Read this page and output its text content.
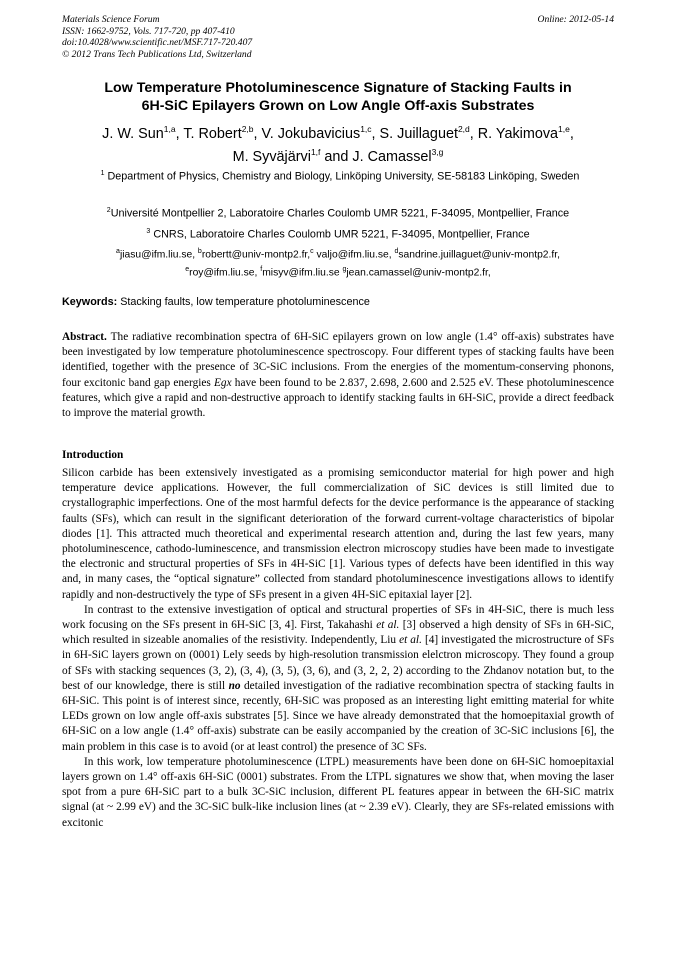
Materials Science Forum
ISSN: 1662-9752, Vols. 717-720, pp 407-410
doi:10.4028/www.scientific.net/MSF.717-720.407
© 2012 Trans Tech Publications Ltd, Switzerland
Online: 2012-05-14
Low Temperature Photoluminescence Signature of Stacking Faults in
6H-SiC Epilayers Grown on Low Angle Off-axis Substrates
J. W. Sun$^{1,a}$, T. Robert$^{2,b}$, V. Jokubavicius$^{1,c}$, S. Juillaguet$^{2,d}$, R. Yakimova$^{1,e}$,
M. Syväjärvi$^{1,f}$ and J. Camassel$^{3,g}$
$^1$ Department of Physics, Chemistry and Biology, Linköping University, SE-58183 Linköping, Sweden
$^2$Université Montpellier 2, Laboratoire Charles Coulomb UMR 5221, F-34095, Montpellier, France
$^3$ CNRS, Laboratoire Charles Coulomb UMR 5221, F-34095, Montpellier, France
$^a$jiasu@ifm.liu.se, $^b$robertt@univ-montp2.fr,$^c$ valjo@ifm.liu.se, $^d$sandrine.juillaguet@univ-montp2.fr,
$^e$roy@ifm.liu.se, $^f$misyv@ifm.liu.se $^g$jean.camassel@univ-montp2.fr,
Keywords: Stacking faults, low temperature photoluminescence
Abstract. The radiative recombination spectra of 6H-SiC epilayers grown on low angle (1.4° off-axis) substrates have been investigated by low temperature photoluminescence spectroscopy. Four different types of stacking faults have been identified, together with the presence of 3C-SiC inclusions. From the energies of the momentum-conserving phonons, four excitonic band gap energies Egx have been found to be 2.837, 2.698, 2.600 and 2.525 eV. These photoluminescence features, which give a rapid and non-destructive approach to identify stacking faults in 6H-SiC, provide a direct feedback to improve the material growth.
Introduction

Silicon carbide has been extensively investigated as a promising semiconductor material for high power and high temperature device applications. However, the full commercialization of SiC devices is still limited due to crystallographic imperfections. One of the most harmful defects for the device performance is the appearance of stacking faults (SFs), which can result in the significant deterioration of the forward current-voltage characteristics of bipolar diodes [1]. This attracted much theoretical and experimental research attention and, during the last few years, many photoluminescence, cathodo-luminescence, and transmission electron microscopy studies have been made to investigate the electronic and structural properties of SFs in 4H-SiC [1]. Various types of defects have been identified in this way and, in many cases, the “optical signature” collected from standard photoluminescence investigations allows to identify rapidly and non-destructively the type of SFs present in a given 4H-SiC epitaxial layer [2].

In contrast to the extensive investigation of optical and structural properties of SFs in 4H-SiC, there is much less work focusing on the SFs present in 6H-SiC [3, 4]. First, Takahashi et al. [3] observed a high density of SFs in 6H-SiC, which resulted in sizeable anomalies of the resistivity. Independently, Liu et al. [4] investigated the microstructure of SFs in 6H-SiC layers grown on (0001) Lely seeds by high-resolution transmission elelctron microscopy. They found a group of SFs with stacking sequences (3, 2), (3, 4), (3, 5), (3, 6), and (3, 2, 2, 2) according to the Zhdanov notation but, to the best of our knowledge, there is still no detailed investigation of the radiative recombination spectra of stacking faults in 6H-SiC. This point is of interest since, recently, 6H-SiC was proposed as an interesting light emitting material for white LEDs grown on low angle off-axis substrates [5]. Since we have already demonstrated that the homoepitaxial growth of 6H-SiC on a low angle (1.4° off-axis) substrate can be easily accompanied by the creation of 3C-SiC inclusions [6], the main problem in this case is to avoid (or at least control) the presence of 3C SFs.

In this work, low temperature photoluminescence (LTPL) measurements have been done on 6H-SiC homoepitaxial layers grown on 1.4° off-axis 6H-SiC (0001) substrates. From the LTPL signatures we show that, when moving the laser spot from a pure 6H-SiC part to a bulk 3C-SiC inclusion, different PL features appear in between the 6H-SiC matrix signal (at ~ 2.99 eV) and the 3C-SiC bulk-like inclusion lines (at ~ 2.39 eV). Clearly, they are SFs-related emissions with excitonic
